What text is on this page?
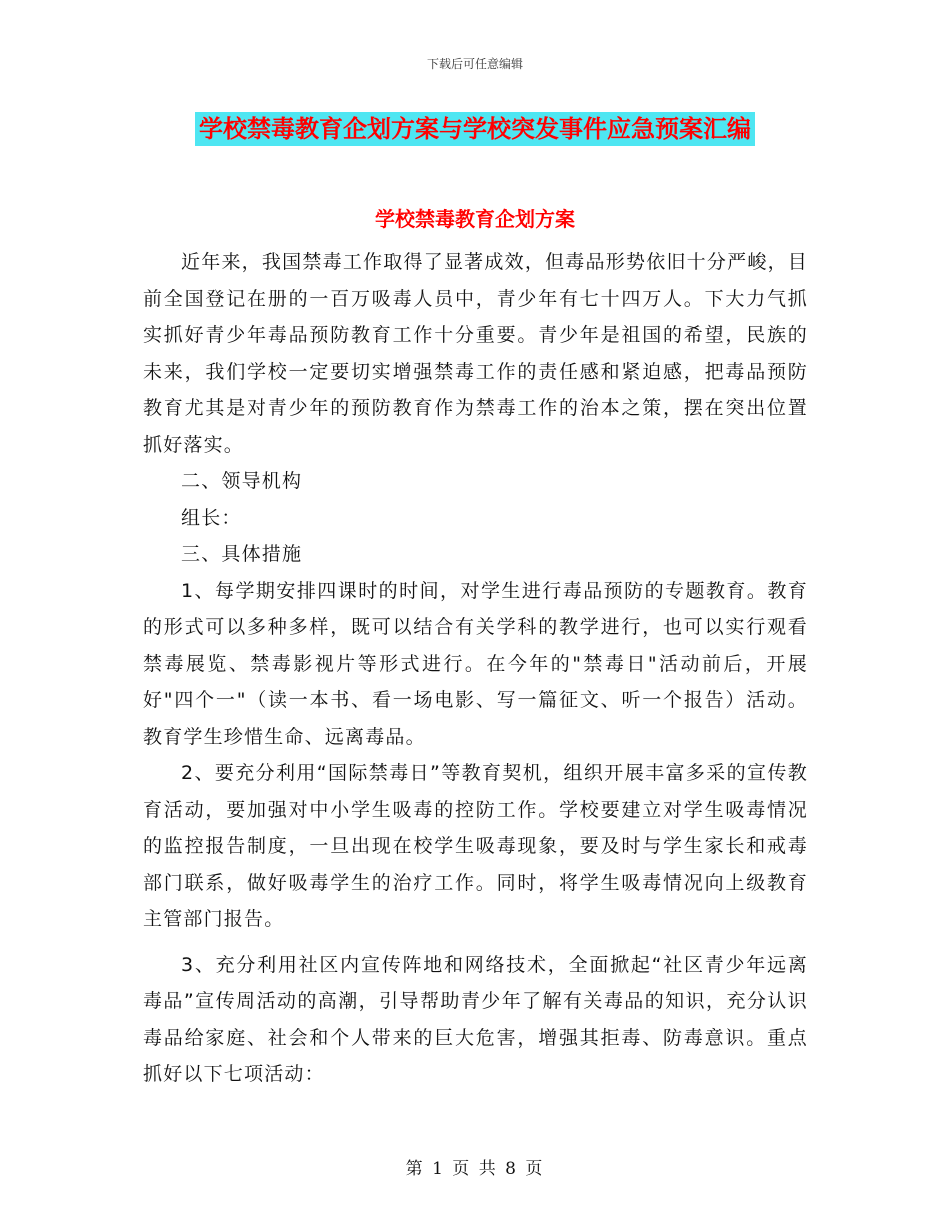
下载后可任意编辑
学校禁毒教育企划方案与学校突发事件应急预案汇编
学校禁毒教育企划方案

近年来，我国禁毒工作取得了显著成效，但毒品形势依旧十分严峻，目前全国登记在册的一百万吸毒人员中，青少年有七十四万人。下大力气抓实抓好青少年毒品预防教育工作十分重要。青少年是祖国的希望，民族的未来，我们学校一定要切实增强禁毒工作的责任感和紧迫感，把毒品预防教育尤其是对青少年的预防教育作为禁毒工作的治本之策，摆在突出位置抓好落实。

二、领导机构

组长：

三、具体措施

1、每学期安排四课时的时间，对学生进行毒品预防的专题教育。教育的形式可以多种多样，既可以结合有关学科的教学进行，也可以实行观看禁毒展览、禁毒影视片等形式进行。在今年的"禁毒日"活动前后，开展好"四个一"（读一本书、看一场电影、写一篇征文、听一个报告）活动。教育学生珍惜生命、远离毒品。

2、要充分利用“国际禁毒日”等教育契机，组织开展丰富多采的宣传教育活动，要加强对中小学生吸毒的控防工作。学校要建立对学生吸毒情况的监控报告制度，一旦出现在校学生吸毒现象，要及时与学生家长和戒毒部门联系，做好吸毒学生的治疗工作。同时，将学生吸毒情况向上级教育主管部门报告。

3、充分利用社区内宣传阵地和网络技术，全面掀起“社区青少年远离毒品”宣传周活动的高潮，引导帮助青少年了解有关毒品的知识，充分认识毒品给家庭、社会和个人带来的巨大危害，增强其拒毒、防毒意识。重点抓好以下七项活动：

第 1 页 共 8 页
